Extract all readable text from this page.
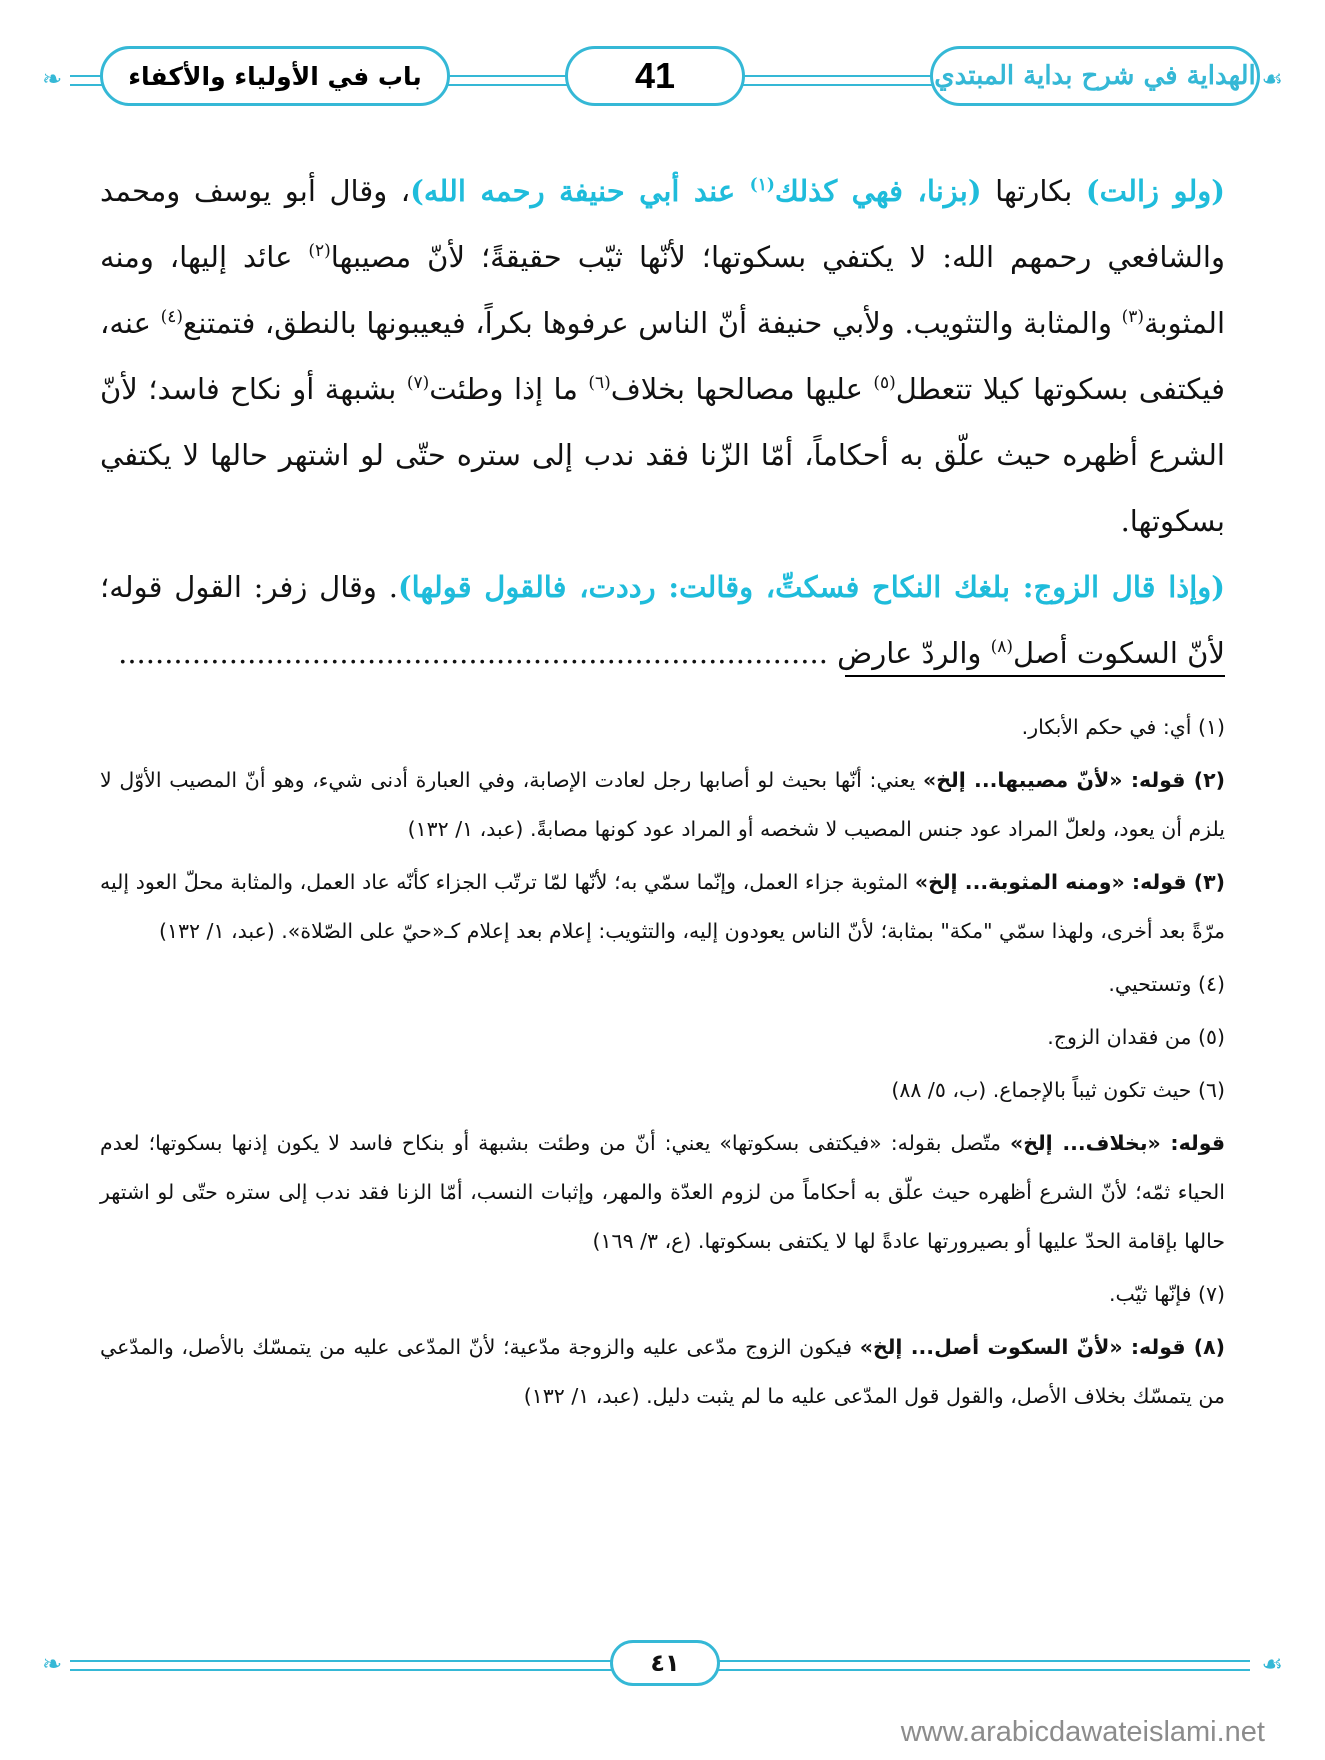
❧	☙
الهداية في شرح بداية المبتدي
41
باب في الأولياء والأكفاء

(ولو زالت) بكارتها (بزنا، فهي كذلك$^{(١)}$ عند أبي حنيفة رحمه الله)، وقال أبو يوسف ومحمد والشافعي رحمهم الله: لا يكتفي بسكوتها؛ لأنّها ثيّب حقيقةً؛ لأنّ مصيبها$^{(٢)}$ عائد إليها، ومنه المثوبة$^{(٣)}$ والمثابة والتثويب. ولأبي حنيفة أنّ الناس عرفوها بكراً، فيعيبونها بالنطق، فتمتنع$^{(٤)}$ عنه، فيكتفى بسكوتها كيلا تتعطل$^{(٥)}$ عليها مصالحها بخلاف$^{(٦)}$ ما إذا وطئت$^{(٧)}$ بشبهة أو نكاح فاسد؛ لأنّ الشرع أظهره حيث علّق به أحكاماً، أمّا الزّنا فقد ندب إلى ستره حتّى لو اشتهر حالها لا يكتفي بسكوتها.

(وإذا قال الزوج: بلغك النكاح فسكتِّ، وقالت: رددت، فالقول قولها). وقال زفر: القول قوله؛ لأنّ السكوت أصل$^{(٨)}$ والردّ عارض .............................................................................

(١) أي: في حكم الأبكار.

(٢) قوله: «لأنّ مصيبها... إلخ» يعني: أنّها بحيث لو أصابها رجل لعادت الإصابة، وفي العبارة أدنى شيء، وهو أنّ المصيب الأوّل لا يلزم أن يعود، ولعلّ المراد عود جنس المصيب لا شخصه أو المراد عود كونها مصابةً. (عبد، ١/ ١٣٢)

(٣) قوله: «ومنه المثوبة... إلخ» المثوبة جزاء العمل، وإنّما سمّي به؛ لأنّها لمّا ترتّب الجزاء كأنّه عاد العمل، والمثابة محلّ العود إليه مرّةً بعد أخرى، ولهذا سمّي "مكة" بمثابة؛ لأنّ الناس يعودون إليه، والتثويب: إعلام بعد إعلام كـ«حيّ على الصّلاة». (عبد، ١/ ١٣٢)

(٤) وتستحيي.

(٥) من فقدان الزوج.

(٦) حيث تكون ثيباً بالإجماع. (ب، ٥/ ٨٨)

قوله: «بخلاف... إلخ» متّصل بقوله: «فيكتفى بسكوتها» يعني: أنّ من وطئت بشبهة أو بنكاح فاسد لا يكون إذنها بسكوتها؛ لعدم الحياء ثمّه؛ لأنّ الشرع أظهره حيث علّق به أحكاماً من لزوم العدّة والمهر، وإثبات النسب، أمّا الزنا فقد ندب إلى ستره حتّى لو اشتهر حالها بإقامة الحدّ عليها أو بصيرورتها عادةً لها لا يكتفى بسكوتها. (ع، ٣/ ١٦٩)

(٧) فإنّها ثيّب.

(٨) قوله: «لأنّ السكوت أصل... إلخ» فيكون الزوج مدّعى عليه والزوجة مدّعية؛ لأنّ المدّعى عليه من يتمسّك بالأصل، والمدّعي من يتمسّك بخلاف الأصل، والقول قول المدّعى عليه ما لم يثبت دليل. (عبد، ١/ ١٣٢)

❧	☙
٤١
www.arabicdawateislami.net
